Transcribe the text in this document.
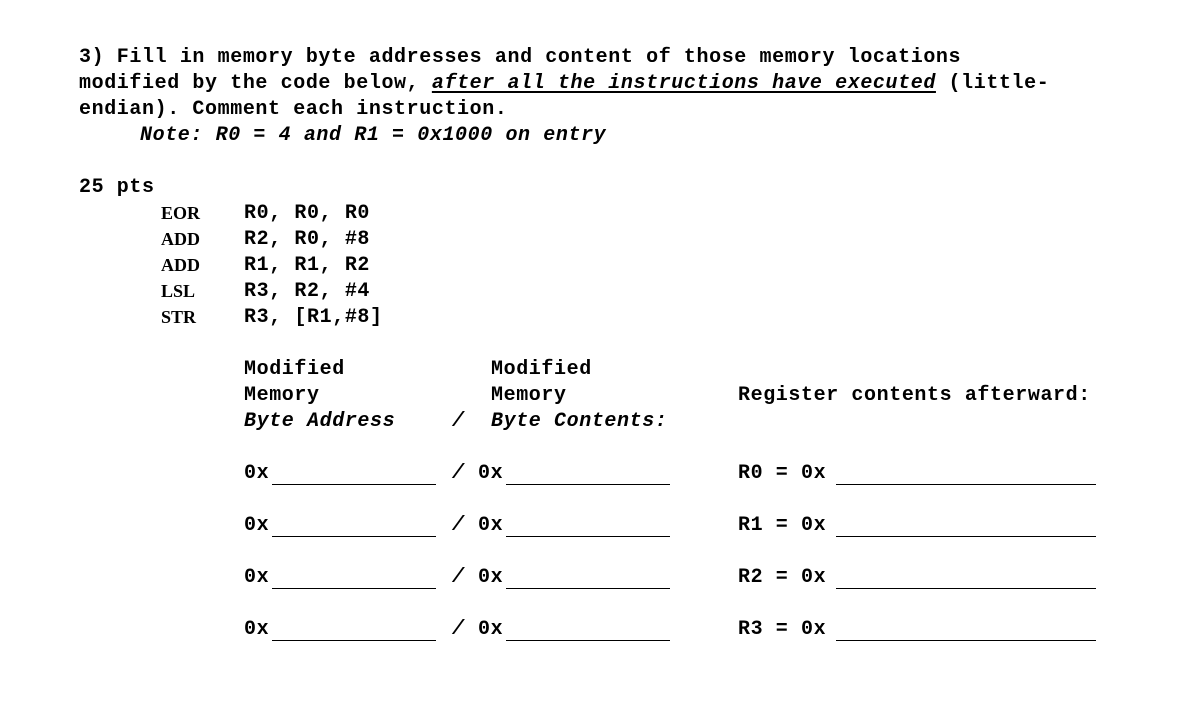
3) Fill in memory byte addresses and content of those memory locations
modified by the code below, after all the instructions have executed (little-
endian). Comment each instruction.
Note: R0 = 4 and R1 = 0x1000 on entry
25 pts
EOR R0, R0, R0
ADD R2, R0, #8
ADD R1, R1, R2
LSL R3, R2, #4
STR R3, [R1,#8]
Modified
Memory
Byte Address	/
Modified
Memory
Byte Contents:
Register contents afterward:
0x	/ 0x	R0 = 0x
0x	/ 0x	R1 = 0x
0x	/ 0x	R2 = 0x
0x	/ 0x	R3 = 0x
